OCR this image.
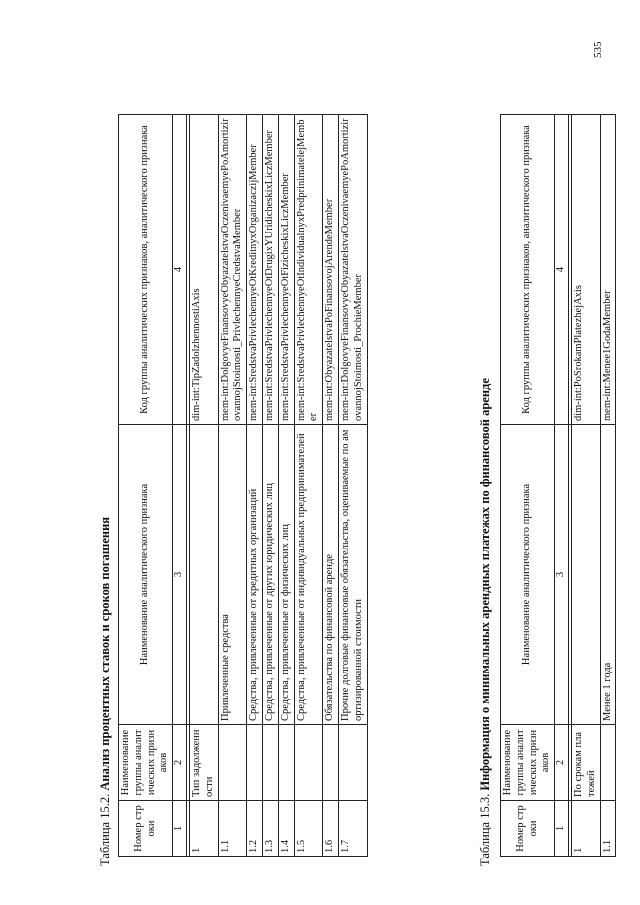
535
Таблица 15.2. Анализ процентных ставок и сроков погашения
Номер строки	Наименование группы аналитических признаков	Наименование аналитического признака	Код группы аналитических признаков, аналитического признака
1	2	3	4

1	Тип задолженности		dim-int:TipZadolzhennostiAxis
1.1		Привлеченные средства	mem-int:DolgovyeFinansovyeObyazatelstvaOczenivaemyePoAmortizirovannojStoimosti_PrivlechennyeCredstvaMember
1.2		Средства, привлеченные от кредитных организаций	mem-int:SredstvaPrivlechennyeOtKreditnyxOrganizaczijMember
1.3		Средства, привлеченные от других юридических лиц	mem-int:SredstvaPrivlechennyeOtDrugixYUridicheskixLiczMember
1.4		Средства, привлеченные от физических лиц	mem-int:SredstvaPrivlechennyeOtFizicheskixLiczMember
1.5		Средства, привлеченные от индивидуальных предпринимателей	mem-int:SredstvaPrivlechennyeOtIndividualnyxPredprinimatelejMember
1.6		Обязательства по финансовой аренде	mem-int:ObyazatelstvaPoFinansovojArendeMember
1.7		Прочие долговые финансовые обязательства, оцениваемые по амортизированной стоимости	mem-int:DolgovyeFinansovyeObyazatelstvaOczenivaemyePoAmortizirovannojStoimosti_ProchieMember
Таблица 15.3. Информация о минимальных арендных платежах по финансовой аренде
Номер строки	Наименование группы аналитических признаков	Наименование аналитического признака	Код группы аналитических признаков, аналитического признака
1	2	3	4

1	По срокам платежей		dim-int:PoSrokamPlatezhejAxis
1.1		Менее 1 года	mem-int:Menee1GodaMember
